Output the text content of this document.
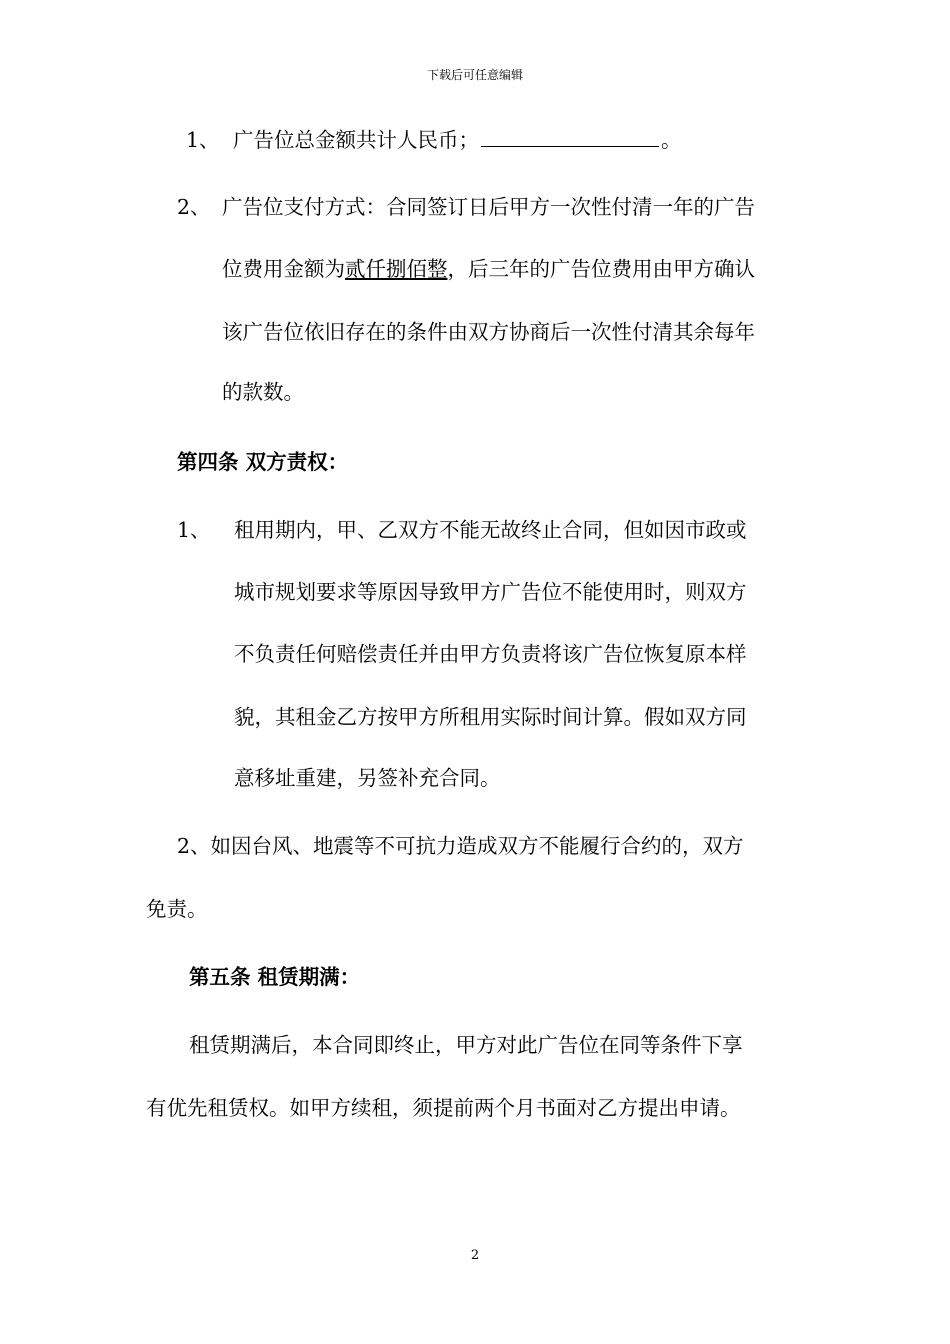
下载后可任意编辑
1、 广告位总金额共计人民币；	。
2、 广告位支付方式：合同签订日后甲方一次性付清一年的广告
位费用金额为贰仟捌佰整，后三年的广告位费用由甲方确认
该广告位依旧存在的条件由双方协商后一次性付清其余每年
的款数。
第四条 双方责权：
1、 租用期内，甲、乙双方不能无故终止合同，但如因市政或
城市规划要求等原因导致甲方广告位不能使用时，则双方
不负责任何赔偿责任并由甲方负责将该广告位恢复原本样
貌，其租金乙方按甲方所租用实际时间计算。假如双方同
意移址重建，另签补充合同。
2、如因台风、地震等不可抗力造成双方不能履行合约的，双方
免责。
第五条 租赁期满：
租赁期满后，本合同即终止，甲方对此广告位在同等条件下享
有优先租赁权。如甲方续租，须提前两个月书面对乙方提出申请。
2
